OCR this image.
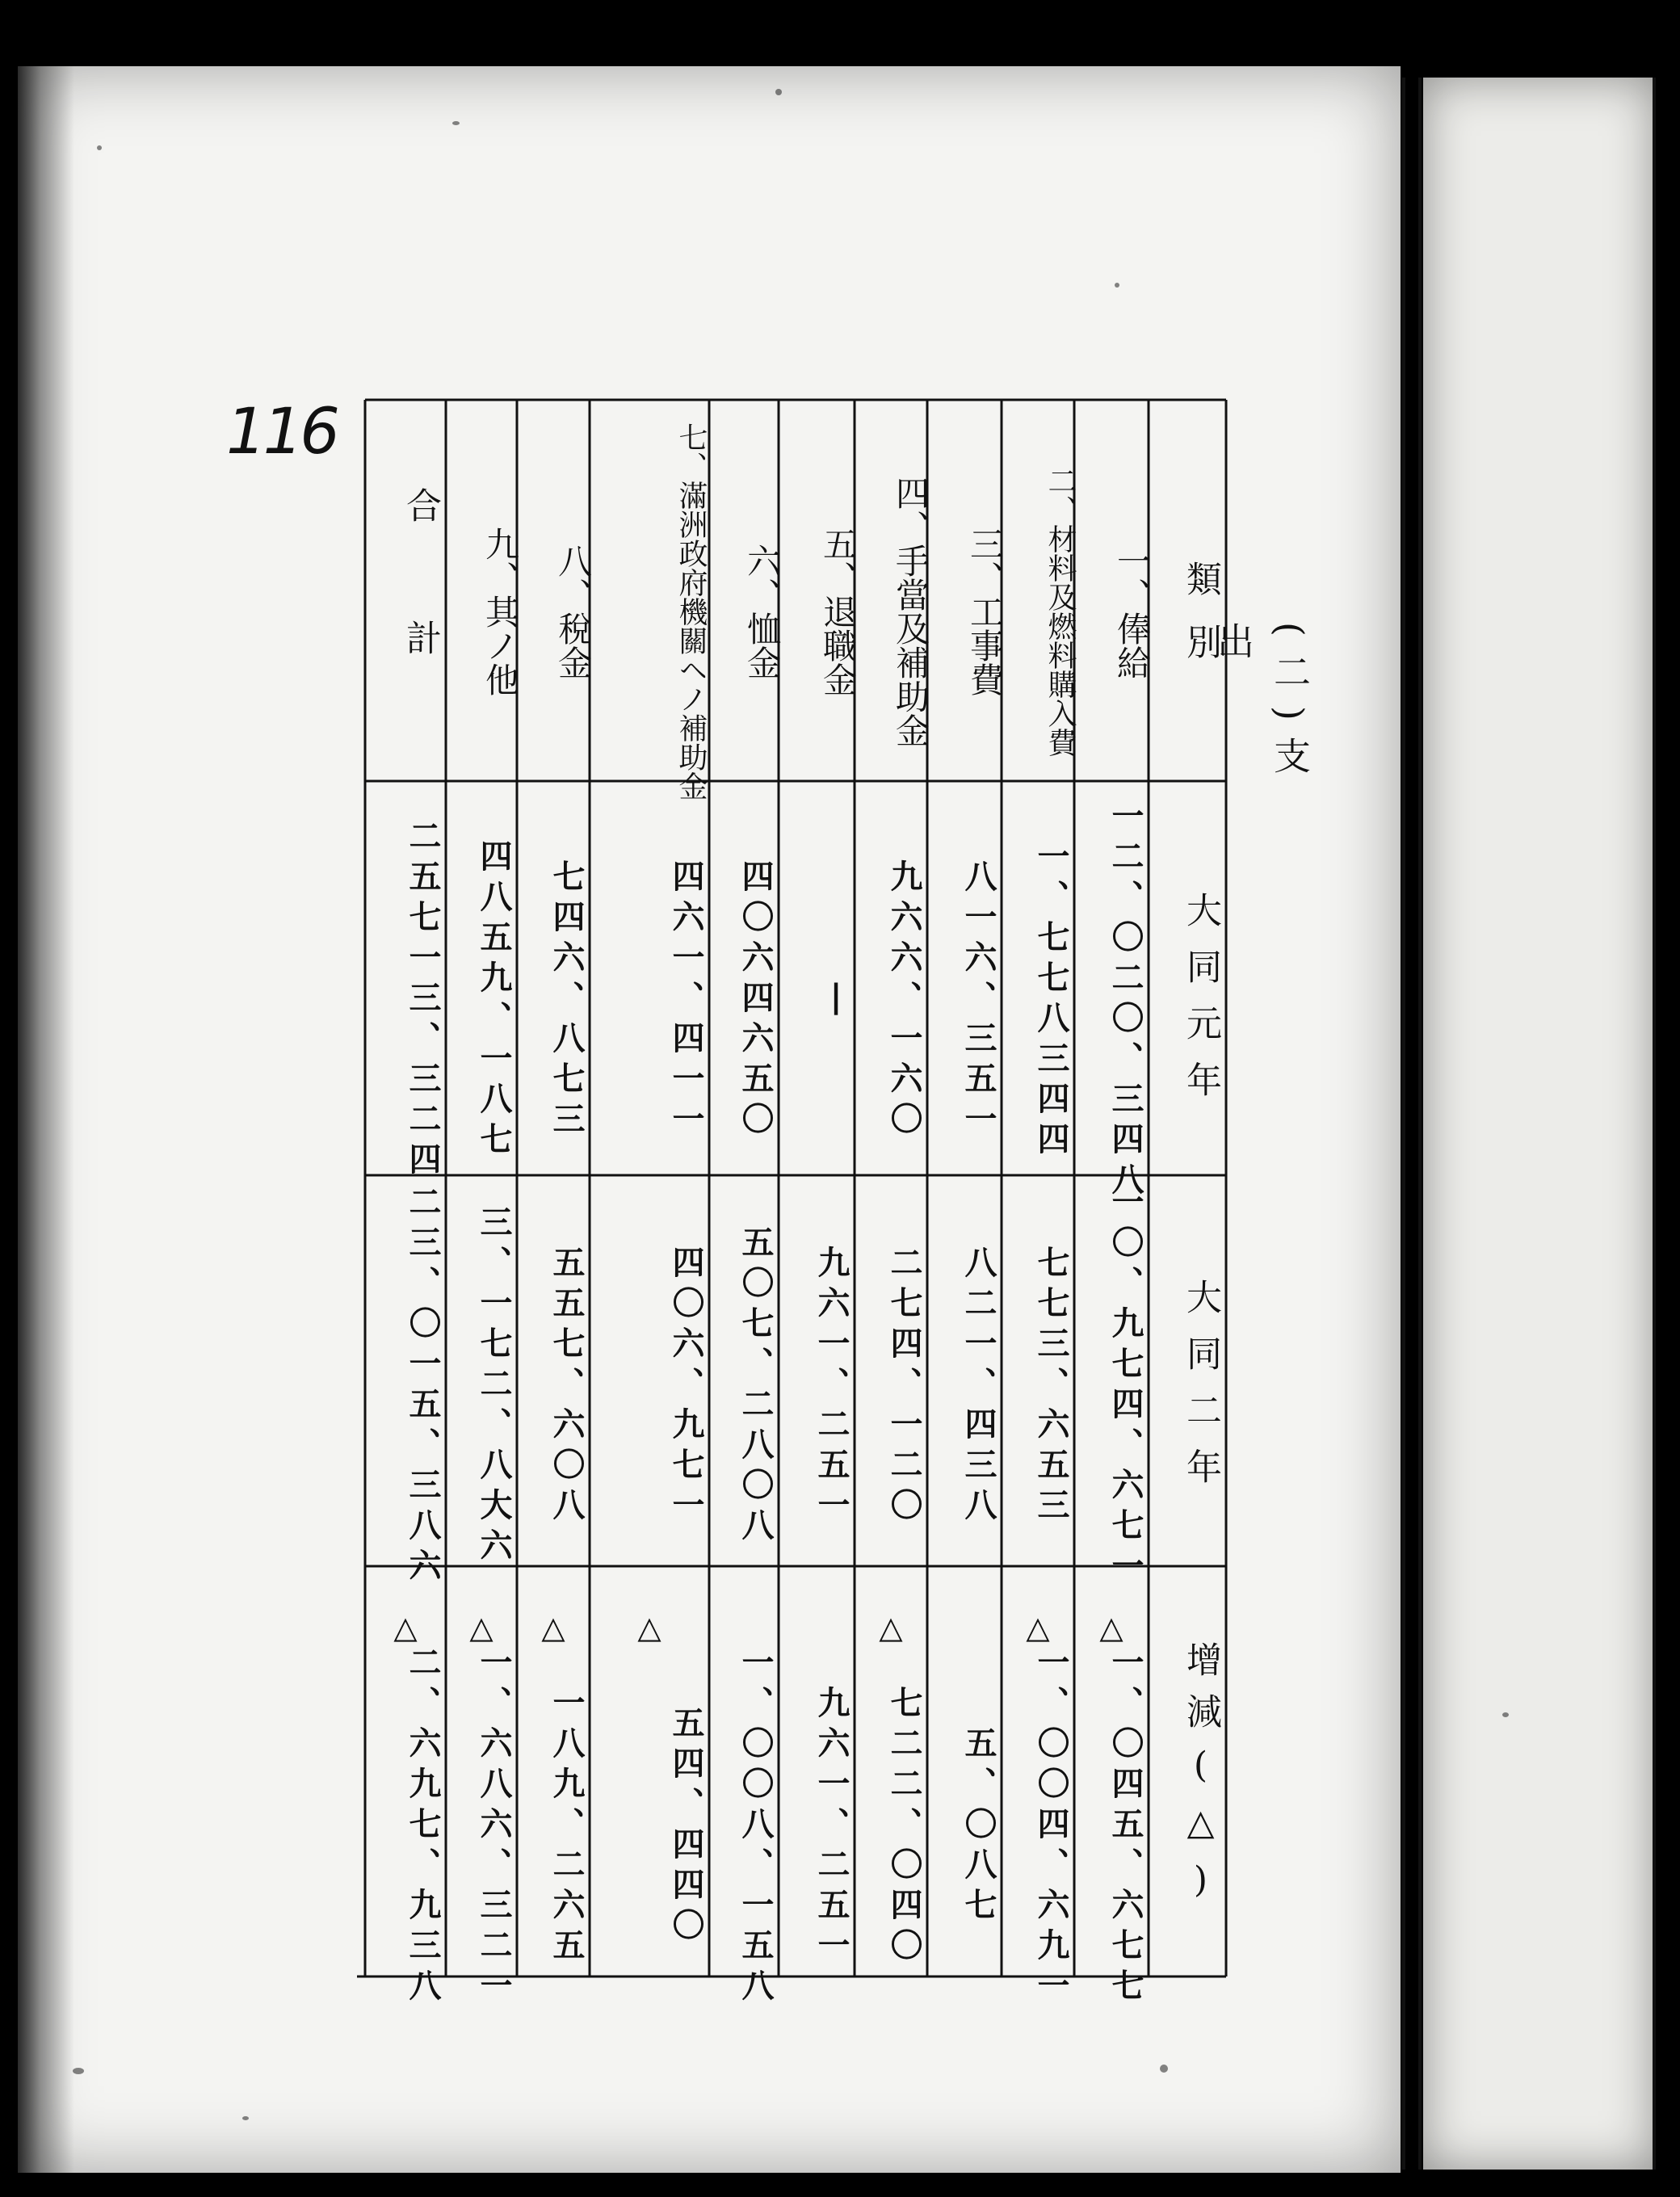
116
(二)支 出
類別
大同元年
大同二年
增減(△)
一、俸給
一二、〇二〇、三四八
一〇、九七四、六七一
△
一、〇四五、六七七
二、材料及燃料購入費
一、七七八三四四
七七三、六五三
△
一、〇〇四、六九一
三、工事費
八一六、三五一
八二一、四三八
五、〇八七
四、手當及補助金
九六六、一六〇
二七四、一二〇
△
七二二、〇四〇
五、退職金
|
九六一、二五一
九六一、二五一
六、恤金
四〇六四六五〇
五〇七、二八〇八
一、〇〇八、一五八
七、滿洲政府機關ヘノ補助金
四六一、四一一
四〇六、九七一
△
五四、四四〇
八、稅金
七四六、八七三
五五七、六〇八
△
一八九、二六五
九、其ノ他
四八五九、一八七
三、一七二、八大六
△
一、六八六、三二一
合計
二五七一三、三二四
二三、〇一五、三八六
△
二、六九七、九三八
